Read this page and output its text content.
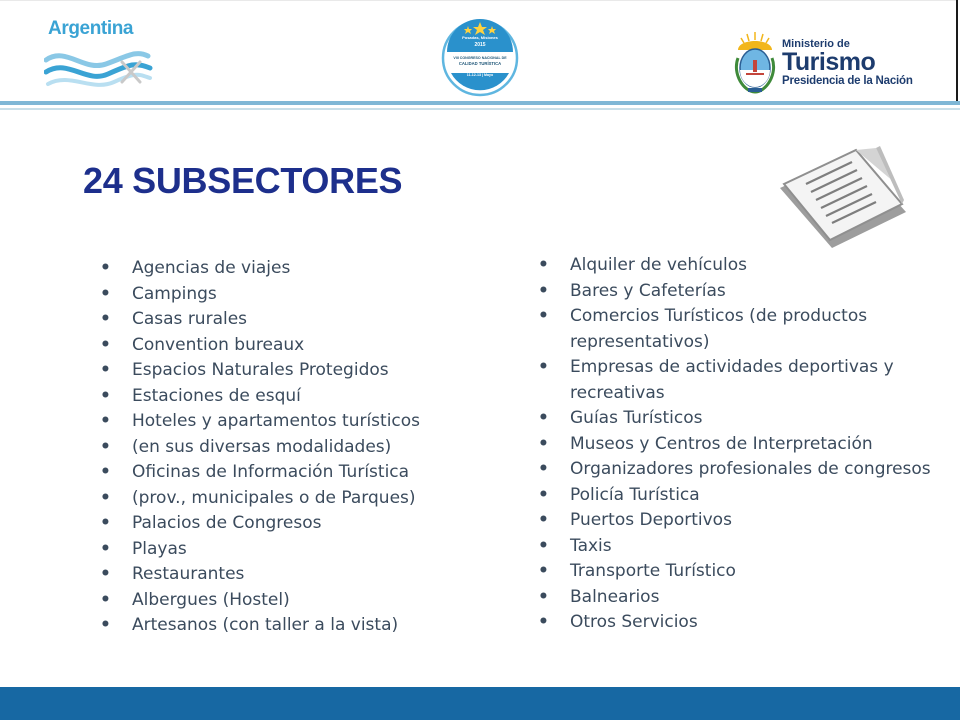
Argentina	Posadas, Misiones
2015
VIII CONGRESO NACIONAL DE
CALIDAD TURÍSTICA
11-12-13 | Mayo
Ministerio de
Turismo
Presidencia de la Nación
24 SUBSECTORES
• Agencias de viajes
• Campings
• Casas rurales
• Convention bureaux
• Espacios Naturales Protegidos
• Estaciones de esquí
• Hoteles y apartamentos turísticos
• (en sus diversas modalidades)
• Oficinas de Información Turística
• (prov., municipales o de Parques)
• Palacios de Congresos
• Playas
• Restaurantes
• Albergues (Hostel)
• Artesanos (con taller a la vista)
• Alquiler de vehículos
• Bares y Cafeterías
• Comercios Turísticos (de productos representativos)
• Empresas de actividades deportivas y recreativas
• Guías Turísticos
• Museos y Centros de Interpretación
• Organizadores profesionales de congresos
• Policía Turística
• Puertos Deportivos
• Taxis
• Transporte Turístico
• Balnearios
• Otros Servicios
